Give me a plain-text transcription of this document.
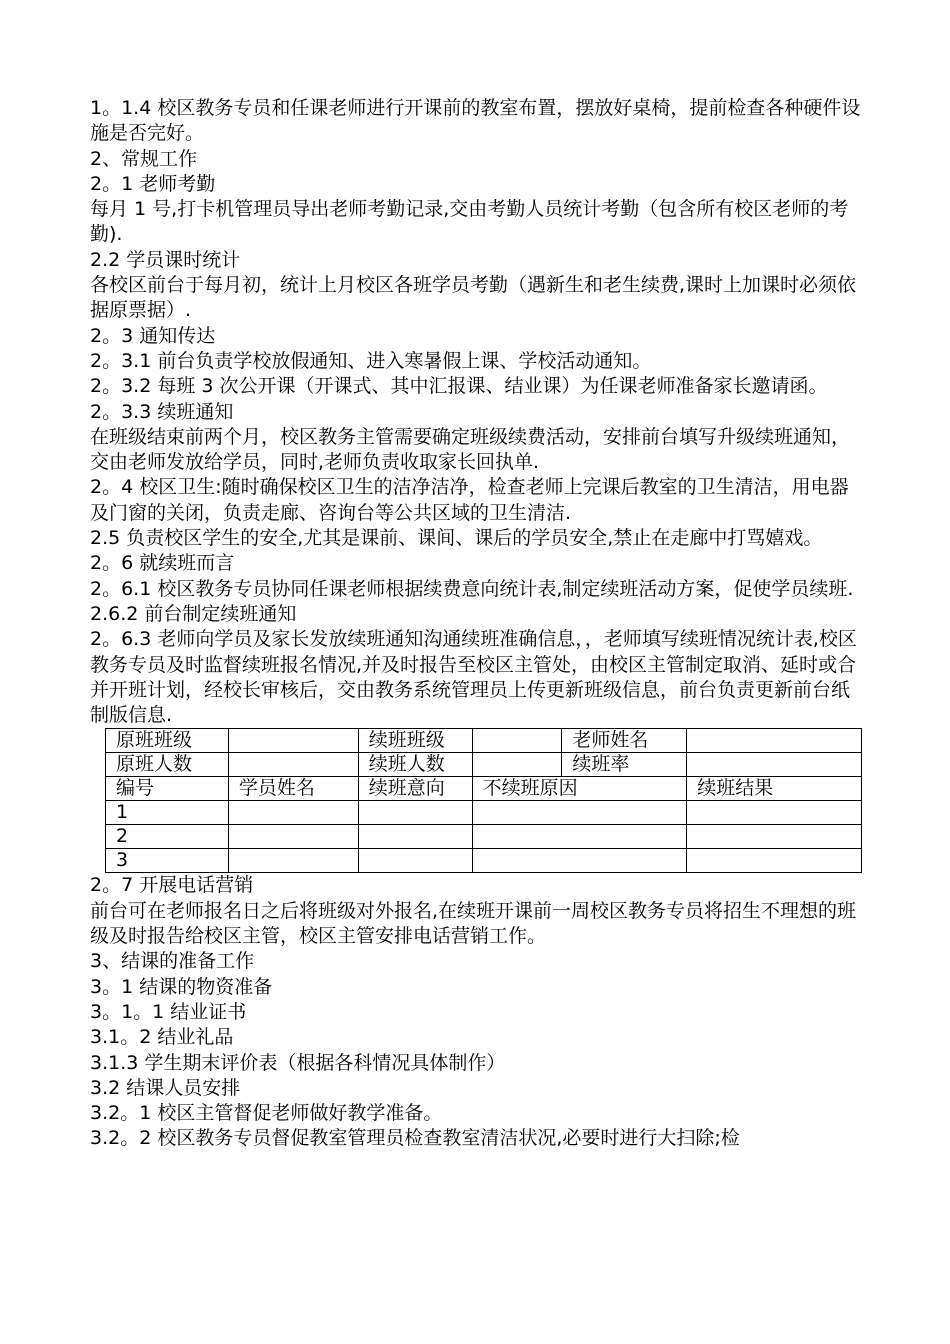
1。1.4 校区教务专员和任课老师进行开课前的教室布置，摆放好桌椅，提前检查各种硬件设施是否完好。

2、常规工作

2。1 老师考勤

每月 1 号,打卡机管理员导出老师考勤记录,交由考勤人员统计考勤（包含所有校区老师的考勤).

2.2 学员课时统计

各校区前台于每月初，统计上月校区各班学员考勤（遇新生和老生续费,课时上加课时必须依据原票据）.

2。3 通知传达

2。3.1 前台负责学校放假通知、进入寒暑假上课、学校活动通知。

2。3.2 每班 3 次公开课（开课式、其中汇报课、结业课）为任课老师准备家长邀请函。

2。3.3 续班通知

在班级结束前两个月，校区教务主管需要确定班级续费活动，安排前台填写升级续班通知，交由老师发放给学员，同时,老师负责收取家长回执单.

2。4 校区卫生:随时确保校区卫生的洁净洁净，检查老师上完课后教室的卫生清洁，用电器及门窗的关闭，负责走廊、咨询台等公共区域的卫生清洁.

2.5 负责校区学生的安全,尤其是课前、课间、课后的学员安全,禁止在走廊中打骂嬉戏。

2。6 就续班而言

2。6.1 校区教务专员协同任课老师根据续费意向统计表,制定续班活动方案，促使学员续班.

2.6.2 前台制定续班通知

2。6.3 老师向学员及家长发放续班通知沟通续班准确信息，，老师填写续班情况统计表,校区教务专员及时监督续班报名情况,并及时报告至校区主管处，由校区主管制定取消、延时或合并开班计划，经校长审核后，交由教务系统管理员上传更新班级信息，前台负责更新前台纸制版信息.

原班班级		续班班级		老师姓名	
原班人数		续班人数		续班率	
编号	学员姓名	续班意向	不续班原因		续班结果
1					
2					
3					

2。7 开展电话营销

前台可在老师报名日之后将班级对外报名,在续班开课前一周校区教务专员将招生不理想的班级及时报告给校区主管，校区主管安排电话营销工作。

3、结课的准备工作

3。1 结课的物资准备

3。1。1 结业证书

3.1。2 结业礼品

3.1.3 学生期末评价表（根据各科情况具体制作）

3.2 结课人员安排

3.2。1 校区主管督促老师做好教学准备。

3.2。2 校区教务专员督促教室管理员检查教室清洁状况,必要时进行大扫除;检
